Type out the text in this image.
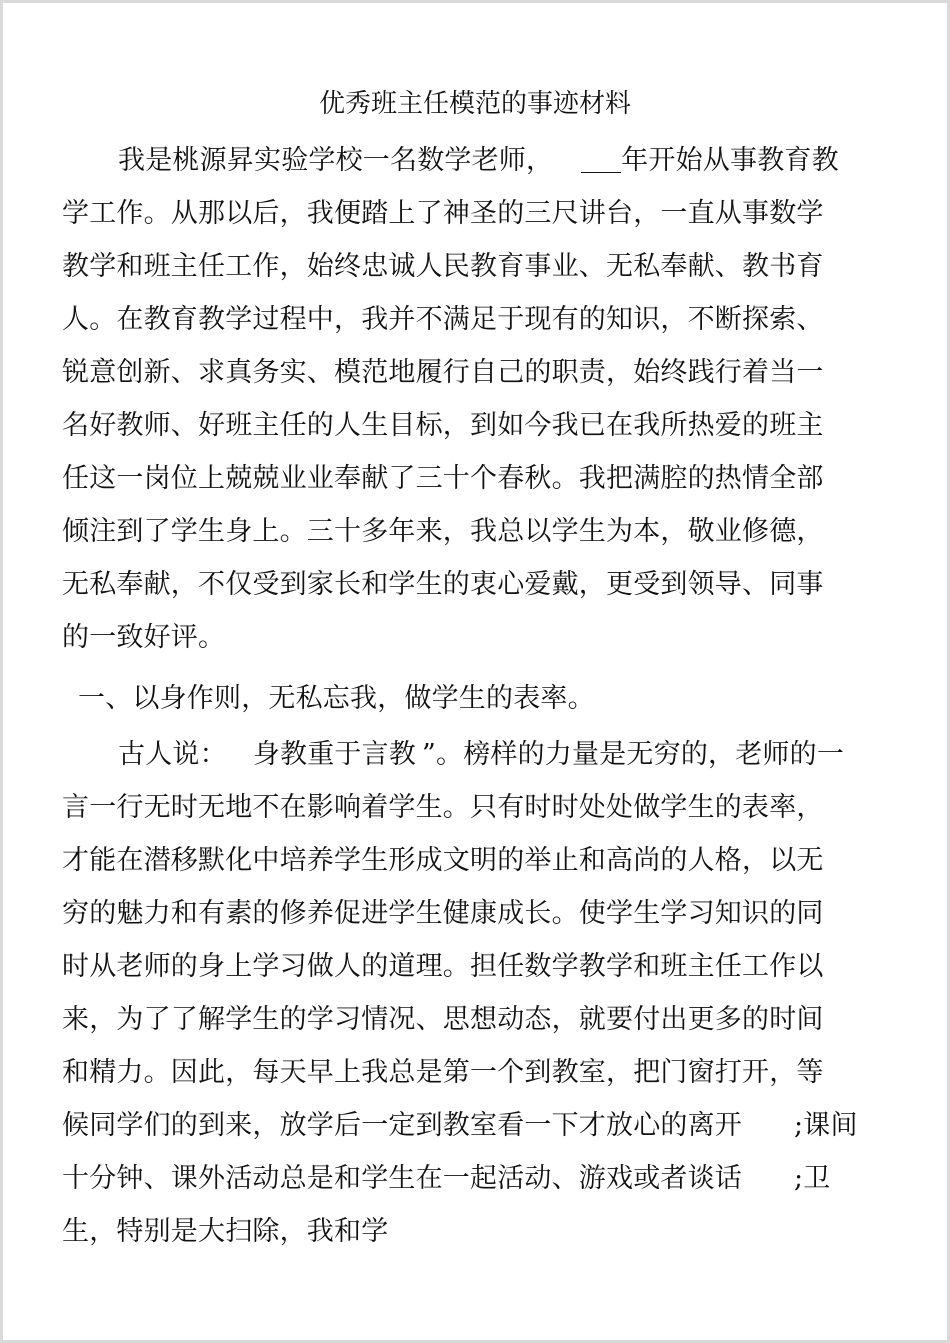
优秀班主任模范的事迹材料
我是桃源昇实验学校一名数学老师，	年开始从事教育教
学工作。从那以后，我便踏上了神圣的三尺讲台，一直从事数学
教学和班主任工作，始终忠诚人民教育事业、无私奉献、教书育
人。在教育教学过程中，我并不满足于现有的知识，不断探索、
锐意创新、求真务实、模范地履行自己的职责，始终践行着当一
名好教师、好班主任的人生目标，到如今我已在我所热爱的班主
任这一岗位上兢兢业业奉献了三十个春秋。我把满腔的热情全部
倾注到了学生身上。三十多年来，我总以学生为本，敬业修德，
无私奉献，不仅受到家长和学生的衷心爱戴，更受到领导、同事
的一致好评。
一、以身作则，无私忘我，做学生的表率。
古人说： 身教重于言教 ”。榜样的力量是无穷的，老师的一
言一行无时无地不在影响着学生。只有时时处处做学生的表率，
才能在潜移默化中培养学生形成文明的举止和高尚的人格，以无
穷的魅力和有素的修养促进学生健康成长。使学生学习知识的同
时从老师的身上学习做人的道理。担任数学教学和班主任工作以
来，为了了解学生的学习情况、思想动态，就要付出更多的时间
和精力。因此，每天早上我总是第一个到教室，把门窗打开，等
候同学们的到来，放学后一定到教室看一下才放心的离开 ;课间
十分钟、课外活动总是和学生在一起活动、游戏或者谈话 ;卫
生，特别是大扫除，我和学
